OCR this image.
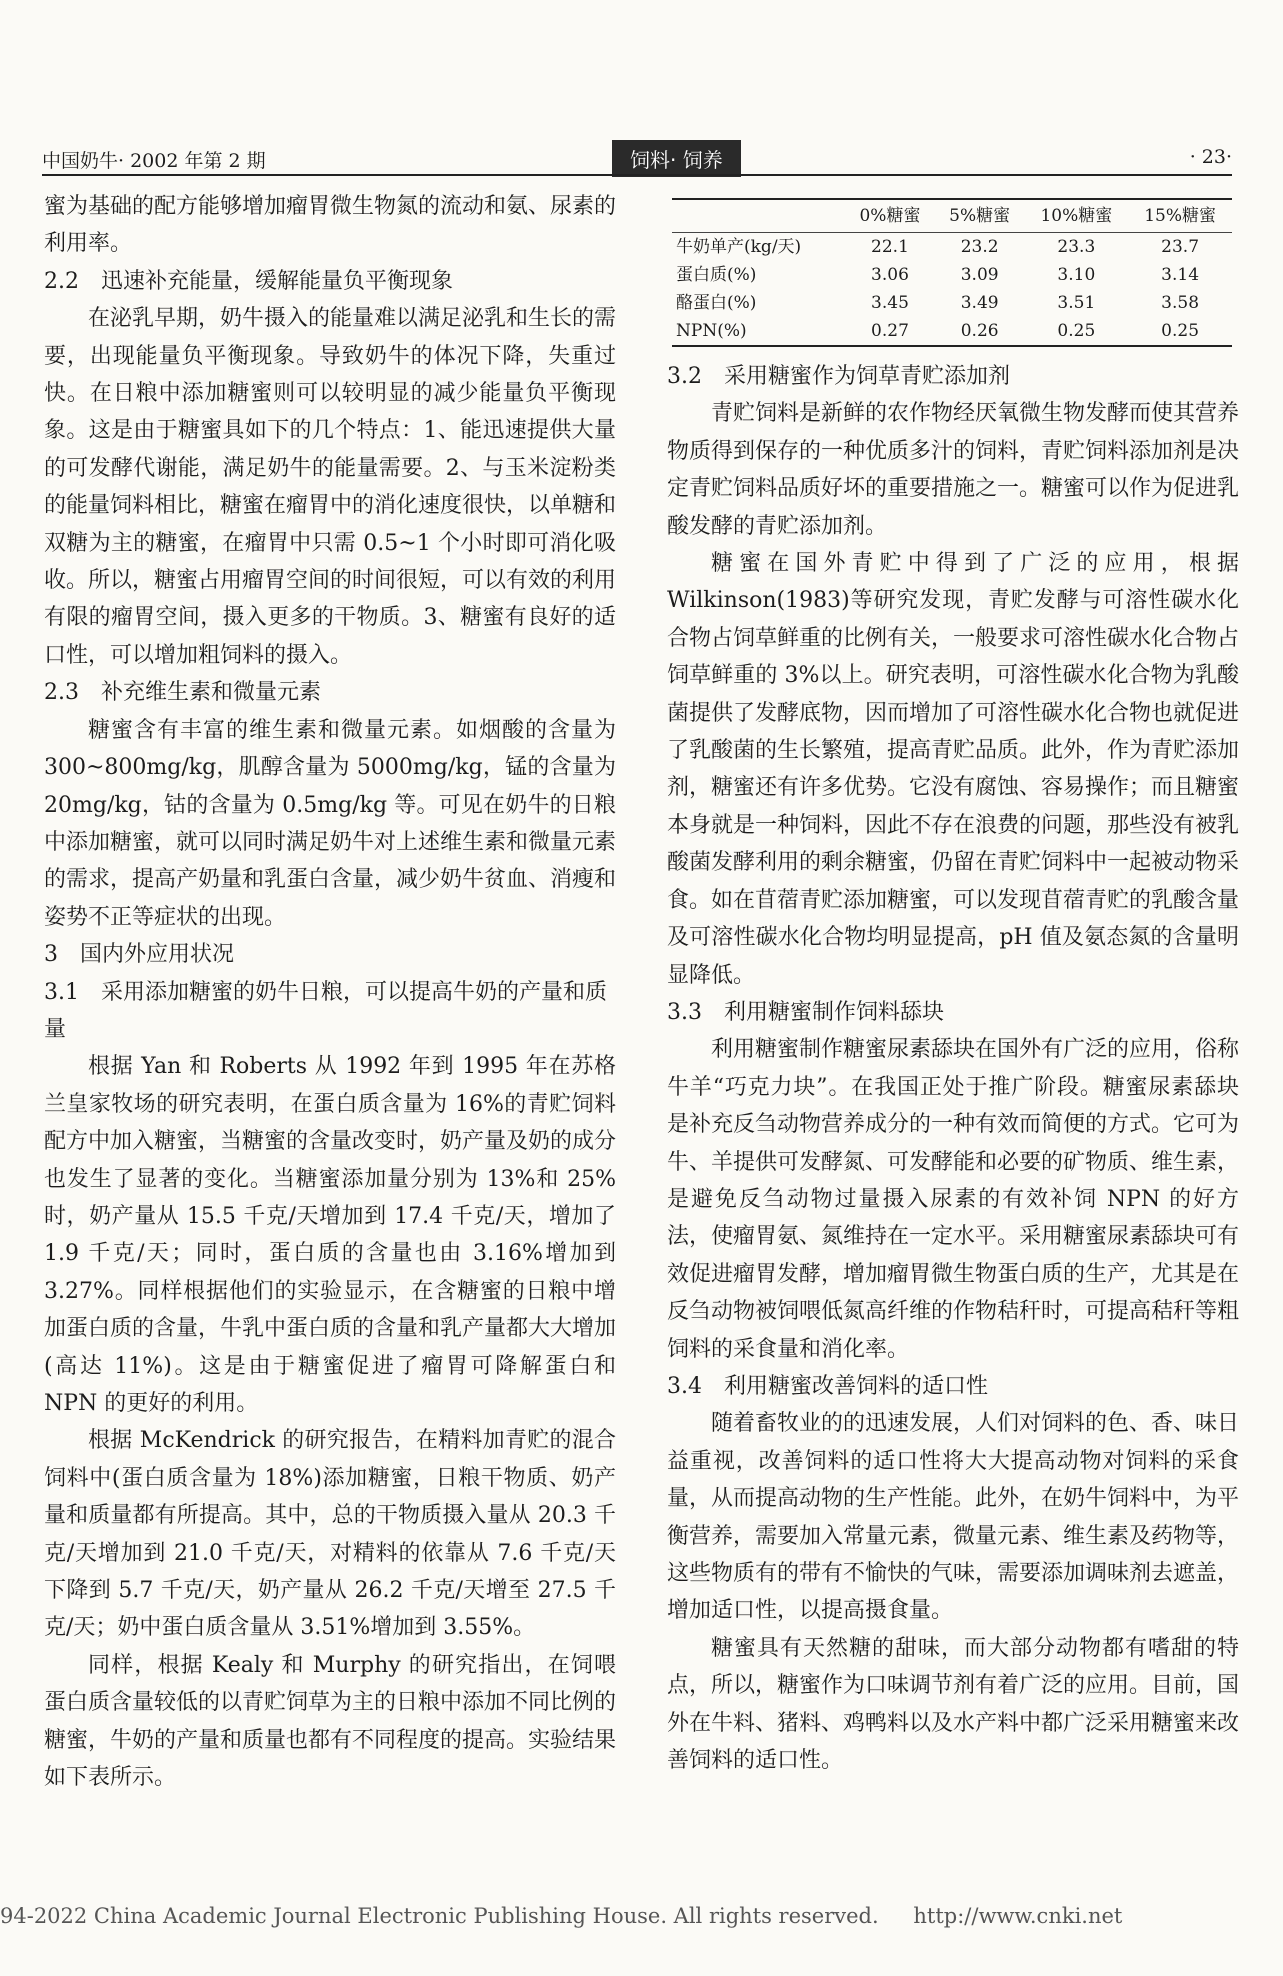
中国奶牛· 2002 年第 2 期	饲料· 饲养	· 23·

蜜为基础的配方能够增加瘤胃微生物氮的流动和氨、尿素的利用率。

2.2　迅速补充能量，缓解能量负平衡现象

在泌乳早期，奶牛摄入的能量难以满足泌乳和生长的需要，出现能量负平衡现象。导致奶牛的体况下降，失重过快。在日粮中添加糖蜜则可以较明显的减少能量负平衡现象。这是由于糖蜜具如下的几个特点：1、能迅速提供大量的可发酵代谢能，满足奶牛的能量需要。2、与玉米淀粉类的能量饲料相比，糖蜜在瘤胃中的消化速度很快，以单糖和双糖为主的糖蜜，在瘤胃中只需 0.5~1 个小时即可消化吸收。所以，糖蜜占用瘤胃空间的时间很短，可以有效的利用有限的瘤胃空间，摄入更多的干物质。3、糖蜜有良好的适口性，可以增加粗饲料的摄入。

2.3　补充维生素和微量元素

糖蜜含有丰富的维生素和微量元素。如烟酸的含量为 300~800mg/kg，肌醇含量为 5000mg/kg，锰的含量为 20mg/kg，钴的含量为 0.5mg/kg 等。可见在奶牛的日粮中添加糖蜜，就可以同时满足奶牛对上述维生素和微量元素的需求，提高产奶量和乳蛋白含量，减少奶牛贫血、消瘦和姿势不正等症状的出现。

3　国内外应用状况
3.1　采用添加糖蜜的奶牛日粮，可以提高牛奶的产量和质量

根据 Yan 和 Roberts 从 1992 年到 1995 年在苏格兰皇家牧场的研究表明，在蛋白质含量为 16%的青贮饲料配方中加入糖蜜，当糖蜜的含量改变时，奶产量及奶的成分也发生了显著的变化。当糖蜜添加量分别为 13%和 25%时，奶产量从 15.5 千克/天增加到 17.4 千克/天，增加了 1.9 千克/天；同时，蛋白质的含量也由 3.16%增加到 3.27%。同样根据他们的实验显示，在含糖蜜的日粮中增加蛋白质的含量，牛乳中蛋白质的含量和乳产量都大大增加(高达 11%)。这是由于糖蜜促进了瘤胃可降解蛋白和 NPN 的更好的利用。

根据 McKendrick 的研究报告，在精料加青贮的混合饲料中(蛋白质含量为 18%)添加糖蜜，日粮干物质、奶产量和质量都有所提高。其中，总的干物质摄入量从 20.3 千克/天增加到 21.0 千克/天，对精料的依靠从 7.6 千克/天下降到 5.7 千克/天，奶产量从 26.2 千克/天增至 27.5 千克/天；奶中蛋白质含量从 3.51%增加到 3.55%。

同样，根据 Kealy 和 Murphy 的研究指出，在饲喂蛋白质含量较低的以青贮饲草为主的日粮中添加不同比例的糖蜜，牛奶的产量和质量也都有不同程度的提高。实验结果如下表所示。

	0%糖蜜	5%糖蜜	10%糖蜜	15%糖蜜
牛奶单产(kg/天)	22.1	23.2	23.3	23.7
蛋白质(%)	3.06	3.09	3.10	3.14
酪蛋白(%)	3.45	3.49	3.51	3.58
NPN(%)	0.27	0.26	0.25	0.25
3.2　采用糖蜜作为饲草青贮添加剂

青贮饲料是新鲜的农作物经厌氧微生物发酵而使其营养物质得到保存的一种优质多汁的饲料，青贮饲料添加剂是决定青贮饲料品质好坏的重要措施之一。糖蜜可以作为促进乳酸发酵的青贮添加剂。

糖蜜在国外青贮中得到了广泛的应用，根据 Wilkinson(1983)等研究发现，青贮发酵与可溶性碳水化合物占饲草鲜重的比例有关，一般要求可溶性碳水化合物占饲草鲜重的 3%以上。研究表明，可溶性碳水化合物为乳酸菌提供了发酵底物，因而增加了可溶性碳水化合物也就促进了乳酸菌的生长繁殖，提高青贮品质。此外，作为青贮添加剂，糖蜜还有许多优势。它没有腐蚀、容易操作；而且糖蜜本身就是一种饲料，因此不存在浪费的问题，那些没有被乳酸菌发酵利用的剩余糖蜜，仍留在青贮饲料中一起被动物采食。如在苜蓿青贮添加糖蜜，可以发现苜蓿青贮的乳酸含量及可溶性碳水化合物均明显提高，pH 值及氨态氮的含量明显降低。

3.3　利用糖蜜制作饲料舔块

利用糖蜜制作糖蜜尿素舔块在国外有广泛的应用，俗称牛羊“巧克力块”。在我国正处于推广阶段。糖蜜尿素舔块是补充反刍动物营养成分的一种有效而简便的方式。它可为牛、羊提供可发酵氮、可发酵能和必要的矿物质、维生素，是避免反刍动物过量摄入尿素的有效补饲 NPN 的好方法，使瘤胃氨、氮维持在一定水平。采用糖蜜尿素舔块可有效促进瘤胃发酵，增加瘤胃微生物蛋白质的生产，尤其是在反刍动物被饲喂低氮高纤维的作物秸秆时，可提高秸秆等粗饲料的采食量和消化率。

3.4　利用糖蜜改善饲料的适口性

随着畜牧业的的迅速发展，人们对饲料的色、香、味日益重视，改善饲料的适口性将大大提高动物对饲料的采食量，从而提高动物的生产性能。此外，在奶牛饲料中，为平衡营养，需要加入常量元素，微量元素、维生素及药物等，这些物质有的带有不愉快的气味，需要添加调味剂去遮盖，增加适口性，以提高摄食量。

糖蜜具有天然糖的甜味，而大部分动物都有嗜甜的特点，所以，糖蜜作为口味调节剂有着广泛的应用。目前，国外在牛料、猪料、鸡鸭料以及水产料中都广泛采用糖蜜来改善饲料的适口性。

94-2022 China Academic Journal Electronic Publishing House. All rights reserved. http://www.cnki.net
